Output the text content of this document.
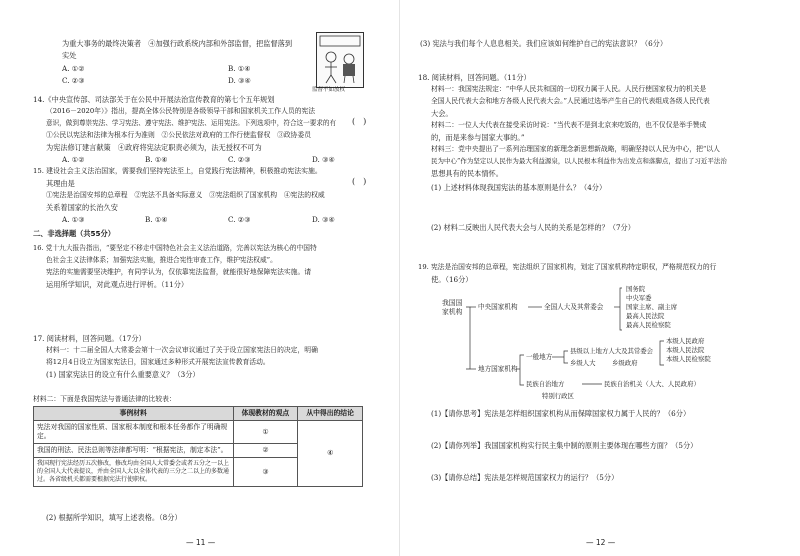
为重大事务的最终决策者　④加强行政系统内部和外部监督，把监督落到
实处
A. ①②	B. ①④
C. ②③	D. ③④
监督不如放权
14.《中央宣传部、司法部关于在公民中开展法治宣传教育的第七个五年规划
（2016－2020年）》指出，提高全体公民特别是各级领导干部和国家机关工作人员的宪法
意识，做到尊崇宪法、学习宪法、遵守宪法、维护宪法、运用宪法。下列选项中，符合这一要求的有 (　)
①公民以宪法和法律为根本行为准则　②公民依法对政府的工作行使监督权　③政协委员
为宪法修订建言献策　④政府将宪法定职责必须为，法无授权不可为
A. ①②	B. ①④	C. ②③	D. ③④
15. 建设社会主义法治国家，需要我们坚持宪法至上，自觉践行宪法精神，积极推动宪法实施。
其理由是	(　)
①宪法是治国安邦的总章程　②宪法不具备实际意义　③宪法组织了国家机构　④宪法的权威
关系着国家的长治久安
A. ①③	B. ①④	C. ②③	D. ③④
二、非选择题（共55分）
16. 党十九大报告指出，“要坚定不移走中国特色社会主义法治道路，完善以宪法为核心的中国特
色社会主义法律体系；加强宪法实施，推进合宪性审查工作，维护宪法权威”。
宪法的实施需要坚决维护，有同学认为，仅依靠宪法监督，就能很好地保障宪法实施。请
运用所学知识，对此观点进行评析。（11分）
17. 阅读材料，回答问题。（17分）
材料一：十二届全国人大常委会第十一次会议审议通过了关于设立国家宪法日的决定，明确
将12月4日设立为国家宪法日，国家通过多种形式开展宪法宣传教育活动。
(1) 国家宪法日的设立有什么重要意义？（3分）
材料二：下面是我国宪法与普通法律的比较表：
事例材料	体现教材的观点	从中得出的结论
宪法对我国的国家性质、国家根本制度和根本任务都作了明确规定。	①	④
我国的刑法、民法总则等法律都写明：“根据宪法，制定本法”。	②	
我国现行宪法经历五次修改，修改均由全国人大常委会或者五分之一以上的全国人大代表提议，并由全国人大以全体代表的三分之二以上的多数通过。各省级机关都需要根据宪法行使职权。	③	
(2) 根据所学知识，填写上述表格。（8分）
— 11 —
(3) 宪法与我们每个人息息相关。我们应该如何维护自己的宪法意识？（6分）
18. 阅读材料，回答问题。（11分）
材料一：我国宪法规定：“中华人民共和国的一切权力属于人民。人民行使国家权力的机关是
全国人民代表大会和地方各级人民代表大会。”人民通过选举产生自己的代表组成各级人民代表
大会。
材料二：一位人大代表在接受采访时说：“当代表不是到北京来吃饭的，也不仅仅是举手赞成
的，而是来参与国家大事的。”
材料三：党中央提出了一系列治理国家的新理念新思想新战略，明确坚持以人民为中心，把“以人
民为中心”作为坚定以人民作为最大利益源泉，以人民根本利益作为出发点和落脚点，提出了习近平法治
思想具有的民本情怀。
(1) 上述材料体现我国宪法的基本原则是什么？（4分）
(2) 材料二反映出人民代表大会与人民的关系是怎样的？（7分）
19. 宪法是治国安邦的总章程，宪法组织了国家机构，划定了国家机构特定职权，严格规范权力的行
使。（16分）
(1)【请你思考】宪法是怎样组织国家机构从而保障国家权力属于人民的？（6分）
(2)【请你列举】我国国家机构实行民主集中制的原则主要体现在哪些方面？（5分）
(3)【请你总结】宪法是怎样规范国家权力的运行？（5分）
— 12 —
我国国家机构
中央国家机构	全国人大及其常委会
国务院
中央军委
国家主席、副主席
最高人民法院
最高人民检察院
地方国家机构
一般地方
县级以上地方人大及其常委会
本级人民政府
本级人民法院
本级人民检察院
乡级人大	乡级政府
民族自治地方	民族自治机关（人大、人民政府）
特别行政区
